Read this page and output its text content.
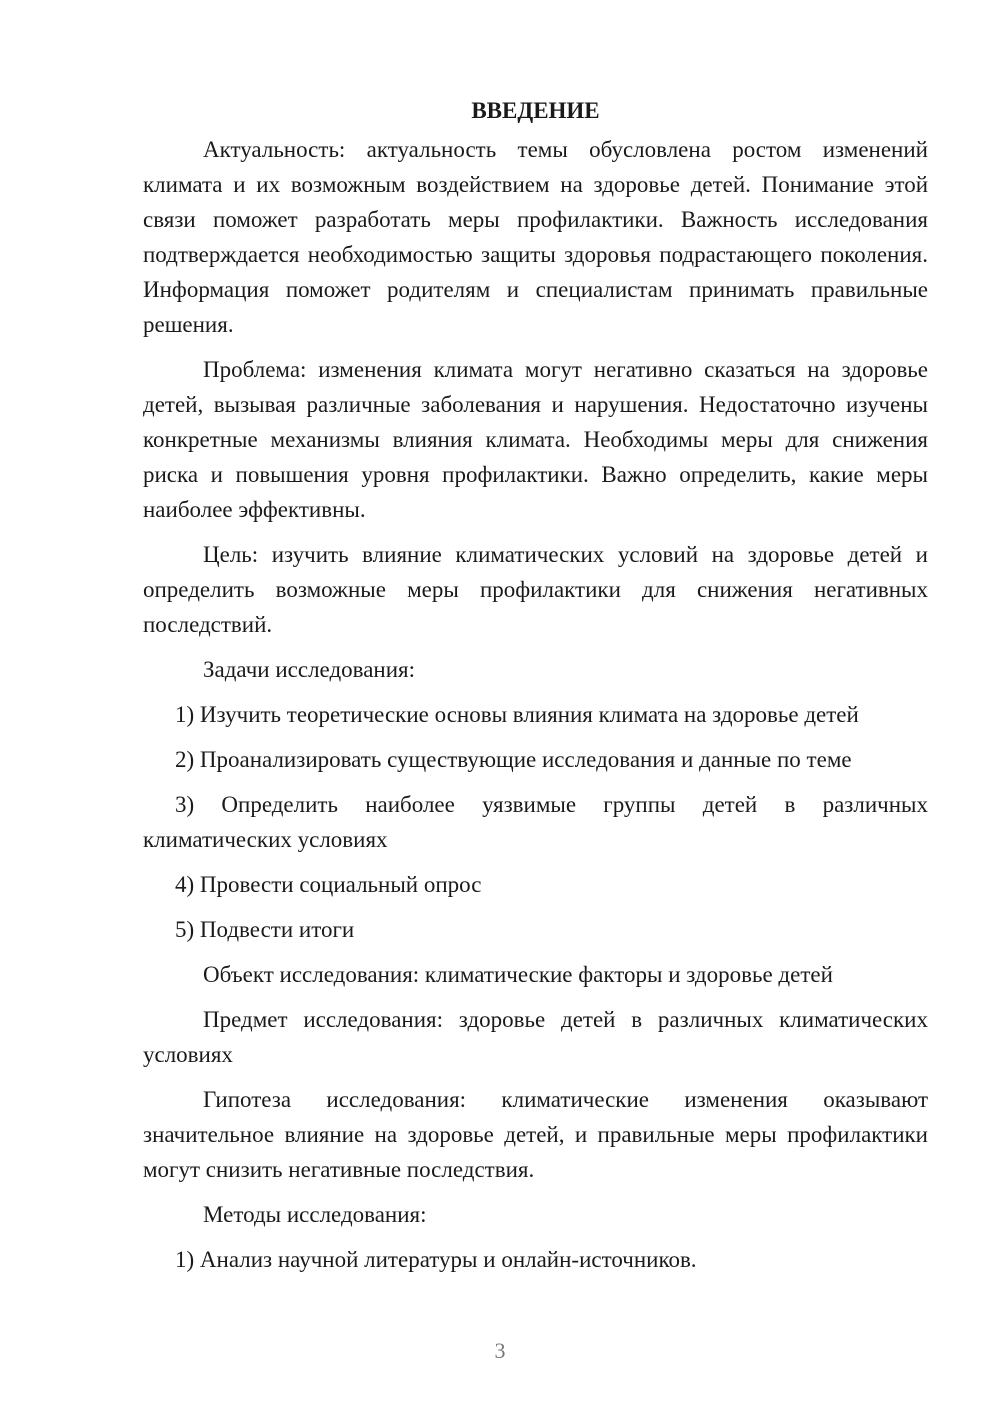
ВВЕДЕНИЕ
Актуальность: актуальность темы обусловлена ростом изменений климата и их возможным воздействием на здоровье детей. Понимание этой связи поможет разработать меры профилактики. Важность исследования подтверждается необходимостью защиты здоровья подрастающего поколения. Информация поможет родителям и специалистам принимать правильные решения.
Проблема: изменения климата могут негативно сказаться на здоровье детей, вызывая различные заболевания и нарушения. Недостаточно изучены конкретные механизмы влияния климата. Необходимы меры для снижения риска и повышения уровня профилактики. Важно определить, какие меры наиболее эффективны.
Цель: изучить влияние климатических условий на здоровье детей и определить возможные меры профилактики для снижения негативных последствий.
Задачи исследования:
1) Изучить теоретические основы влияния климата на здоровье детей
2) Проанализировать существующие исследования и данные по теме
3) Определить наиболее уязвимые группы детей в различных климатических условиях
4) Провести социальный опрос
5) Подвести итоги
Объект исследования: климатические факторы и здоровье детей
Предмет исследования: здоровье детей в различных климатических условиях
Гипотеза исследования: климатические изменения оказывают значительное влияние на здоровье детей, и правильные меры профилактики могут снизить негативные последствия.
Методы исследования:
1) Анализ научной литературы и онлайн-источников.
3
